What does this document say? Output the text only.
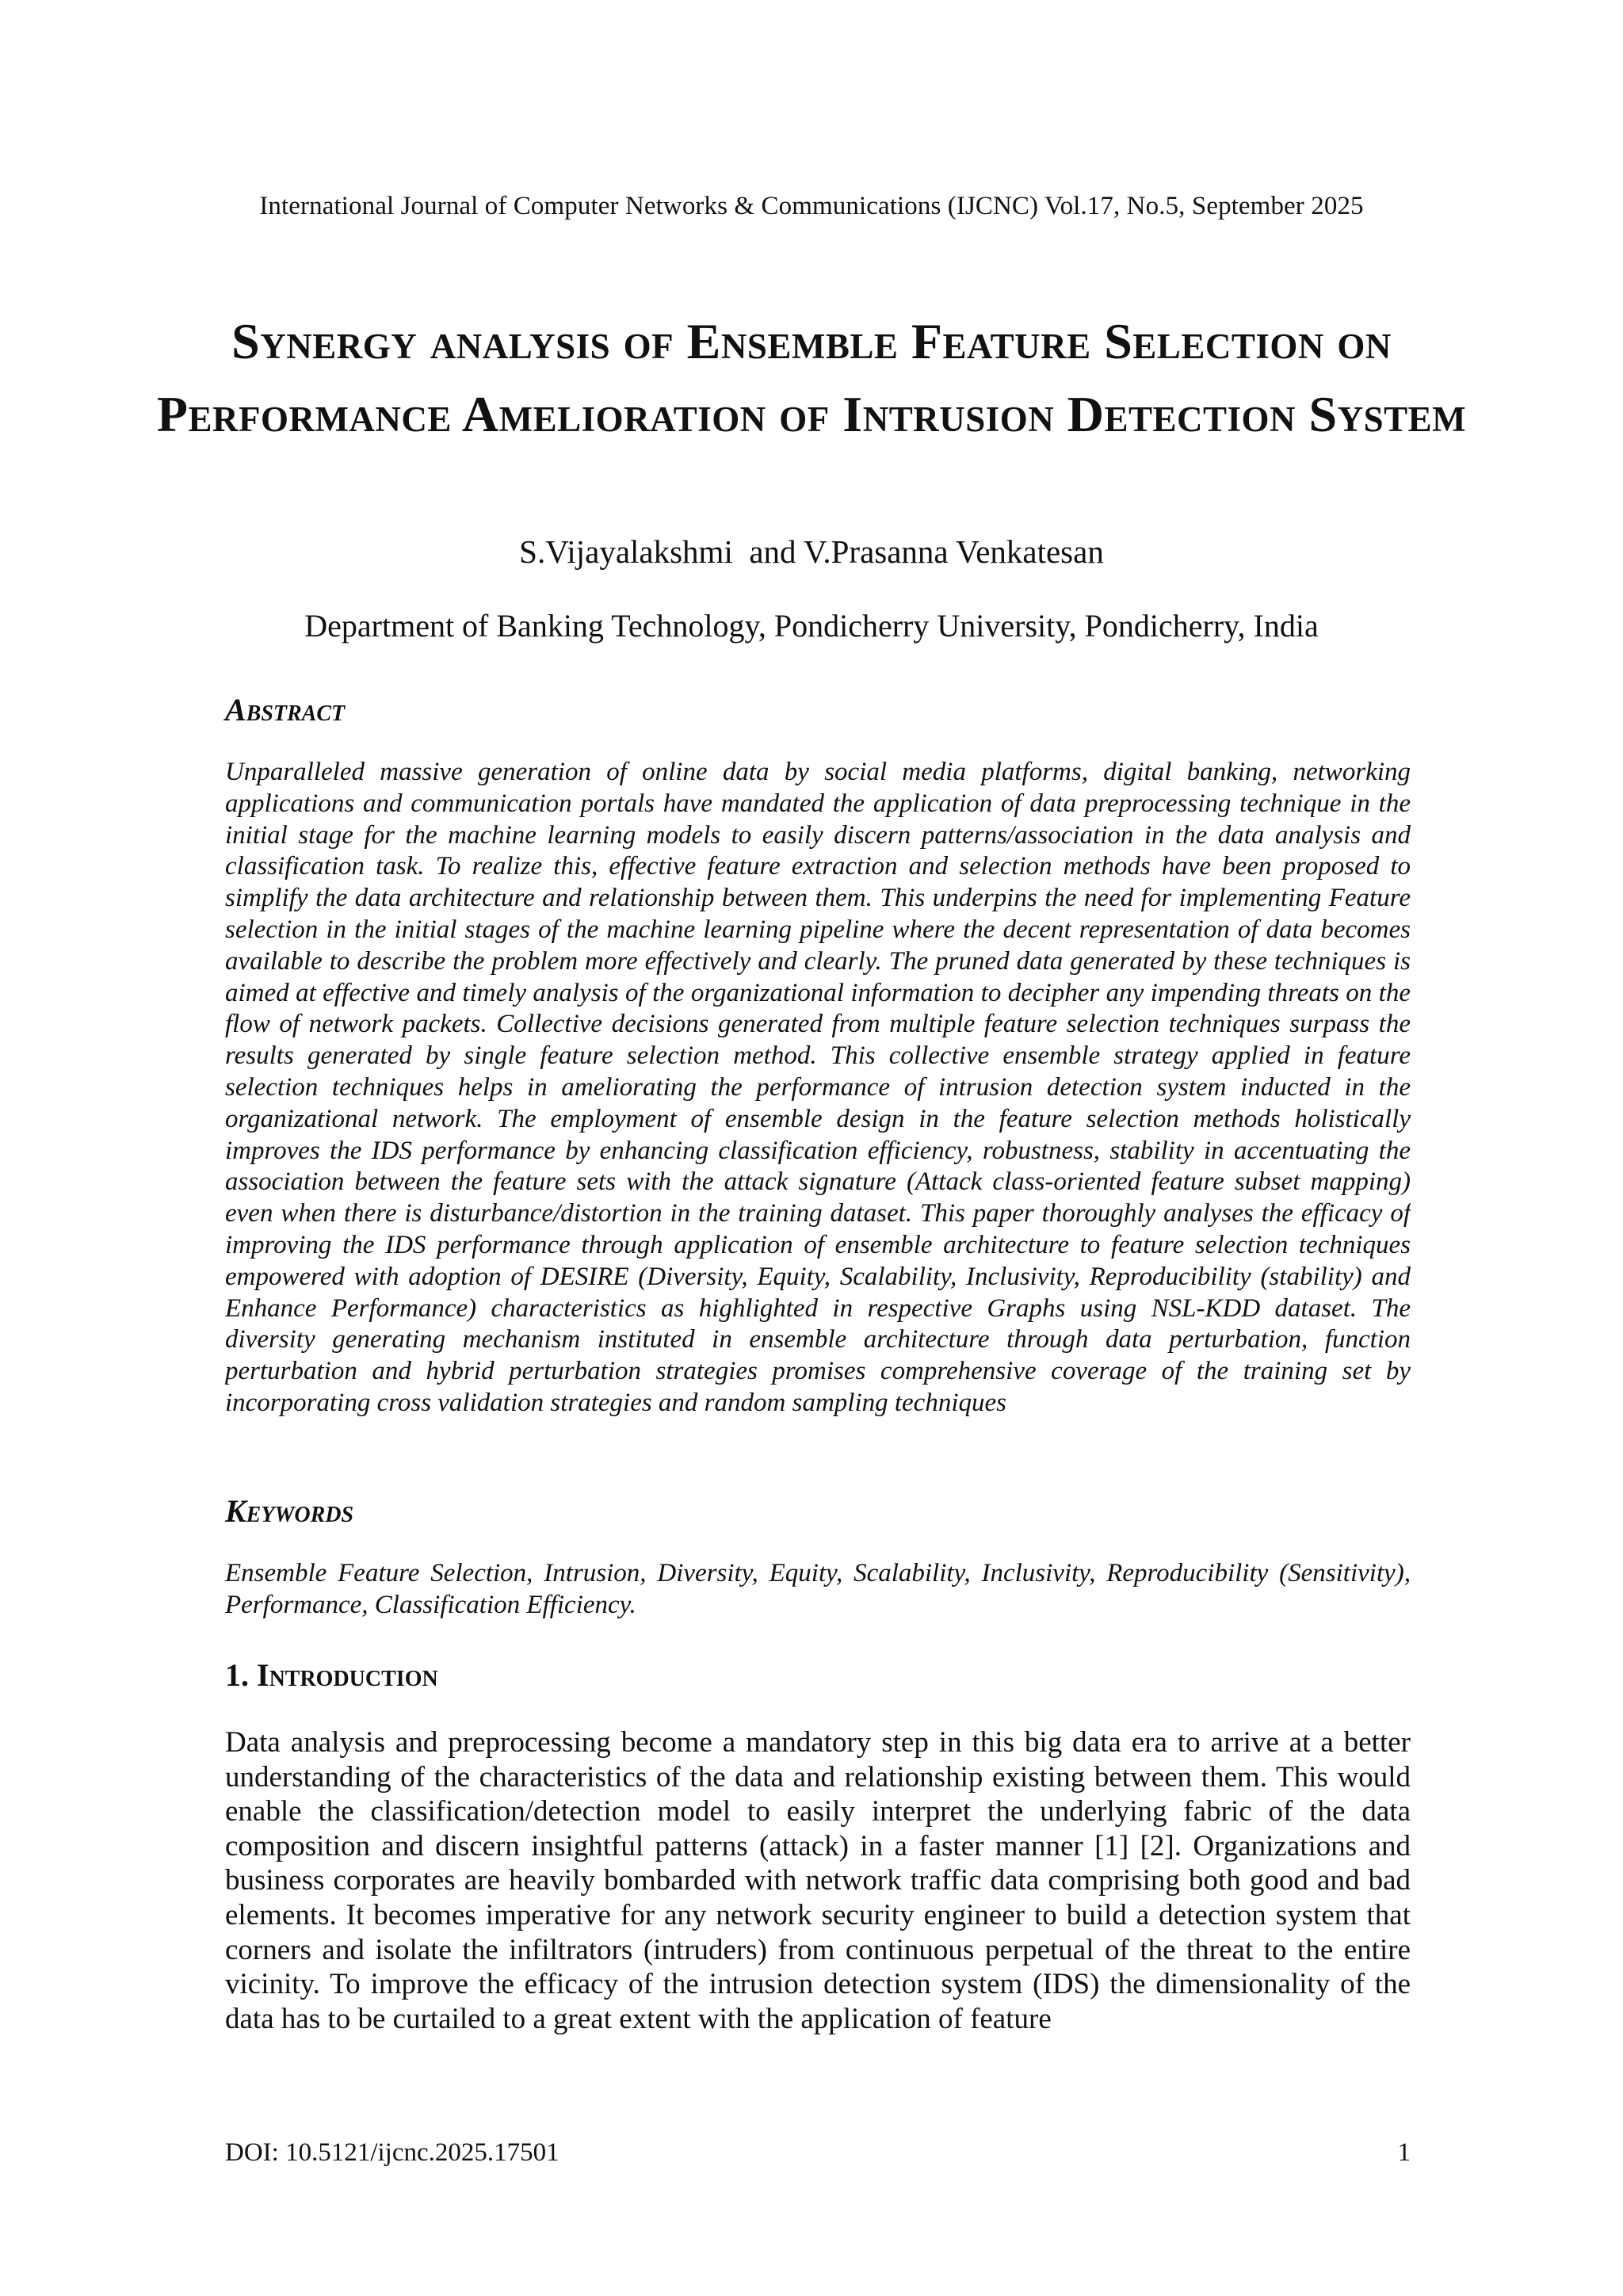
International Journal of Computer Networks & Communications (IJCNC) Vol.17, No.5, September 2025
Synergy analysis of Ensemble Feature Selection on Performance Amelioration of Intrusion Detection System
S.Vijayalakshmi  and V.Prasanna Venkatesan
Department of Banking Technology, Pondicherry University, Pondicherry, India
Abstract
Unparalleled massive generation of online data by social media platforms, digital banking, networking applications and communication portals have mandated the application of data preprocessing technique in the initial stage for the machine learning models to easily discern patterns/association in the data analysis and classification task. To realize this, effective feature extraction and selection methods have been proposed to simplify the data architecture and relationship between them. This underpins the need for implementing Feature selection in the initial stages of the machine learning pipeline where the decent representation of data becomes available to describe the problem more effectively and clearly. The pruned data generated by these techniques is aimed at effective and timely analysis of the organizational information to decipher any impending threats on the flow of network packets. Collective decisions generated from multiple feature selection techniques surpass the results generated by single feature selection method. This collective ensemble strategy applied in feature selection techniques helps in ameliorating the performance of intrusion detection system inducted in the organizational network. The employment of ensemble design in the feature selection methods holistically improves the IDS performance by enhancing classification efficiency, robustness, stability in accentuating the association between the feature sets with the attack signature (Attack class-oriented feature subset mapping) even when there is disturbance/distortion in the training dataset. This paper thoroughly analyses the efficacy of improving the IDS performance through application of ensemble architecture to feature selection techniques empowered with adoption of DESIRE (Diversity, Equity, Scalability, Inclusivity, Reproducibility (stability) and Enhance Performance) characteristics as highlighted in respective Graphs using NSL-KDD dataset. The diversity generating mechanism instituted in ensemble architecture through data perturbation, function perturbation and hybrid perturbation strategies promises comprehensive coverage of the training set by incorporating cross validation strategies and random sampling techniques
Keywords
Ensemble Feature Selection, Intrusion, Diversity, Equity, Scalability, Inclusivity, Reproducibility (Sensitivity), Performance, Classification Efficiency.
1. Introduction
Data analysis and preprocessing become a mandatory step in this big data era to arrive at a better understanding of the characteristics of the data and relationship existing between them. This would enable the classification/detection model to easily interpret the underlying fabric of the data composition and discern insightful patterns (attack) in a faster manner [1] [2]. Organizations and business corporates are heavily bombarded with network traffic data comprising both good and bad elements. It becomes imperative for any network security engineer to build a detection system that corners and isolate the infiltrators (intruders) from continuous perpetual of the threat to the entire vicinity. To improve the efficacy of the intrusion detection system (IDS) the dimensionality of the data has to be curtailed to a great extent with the application of feature
DOI: 10.5121/ijcnc.2025.17501	1
